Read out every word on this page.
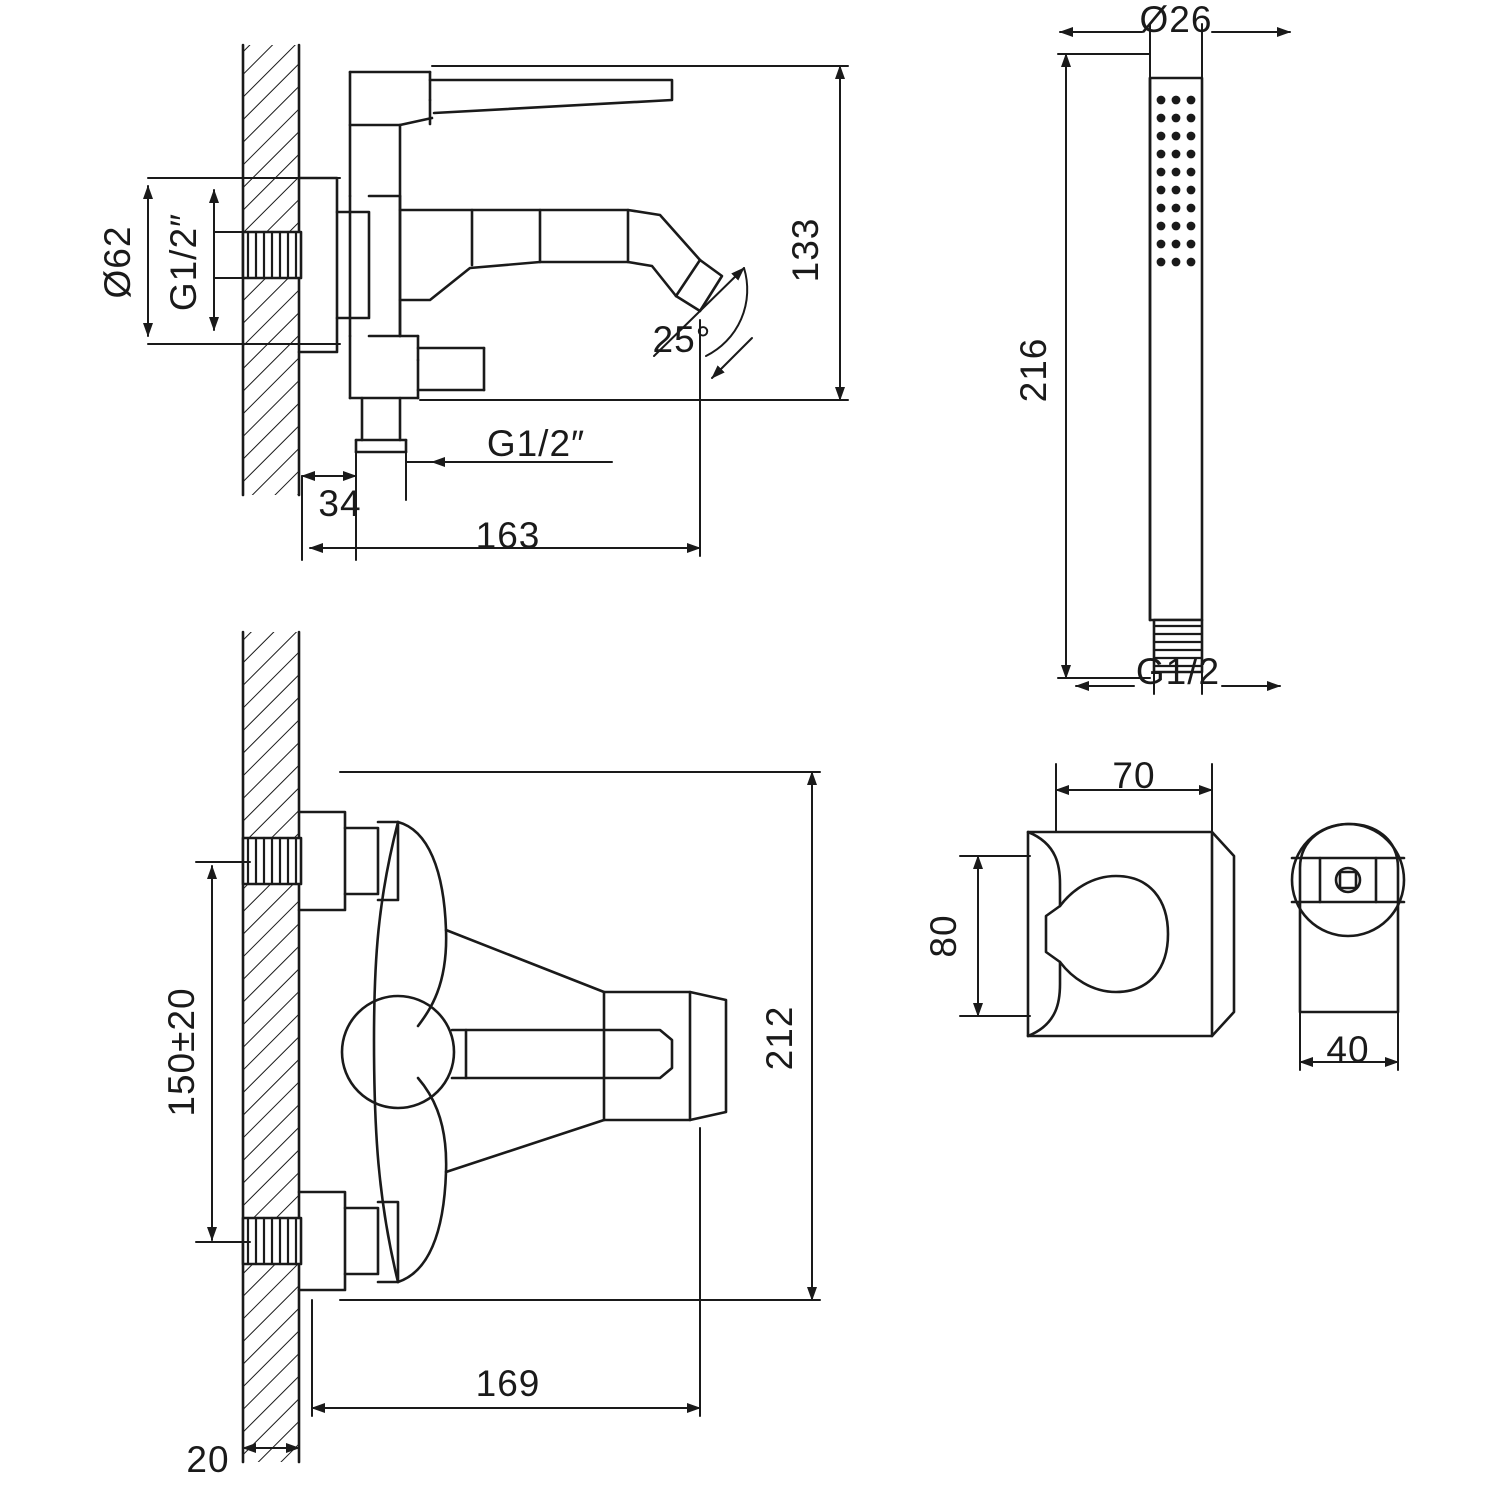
Ø62 G1/2″	133
25°
G1/2″
34
163
150±20	212
169
20
Ø26
216
G1/2
70
80
40
